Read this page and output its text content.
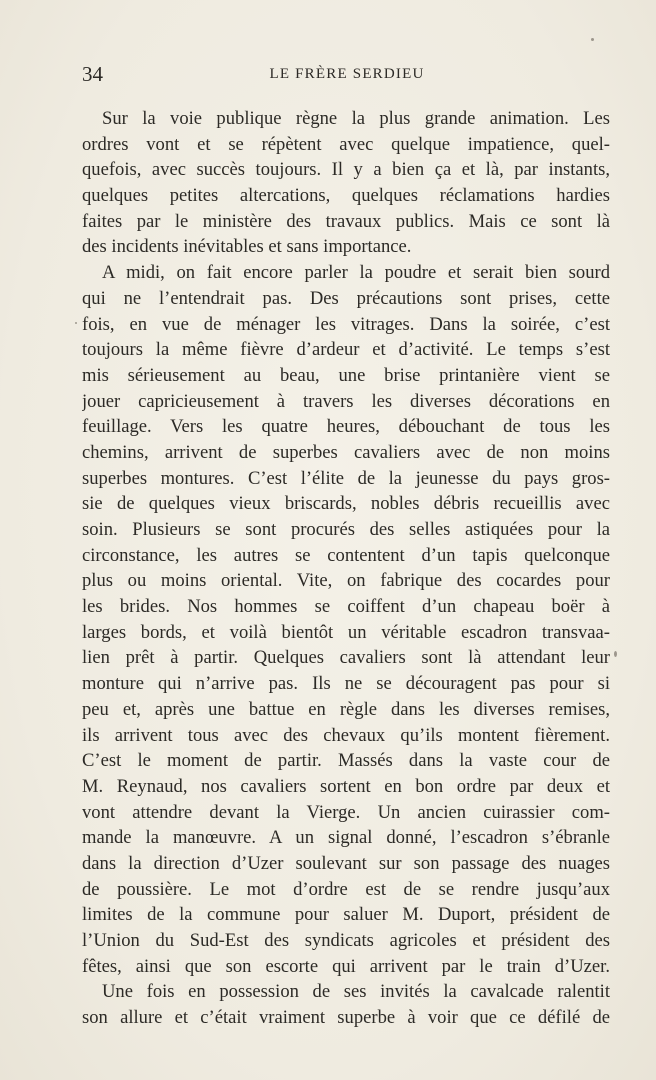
34	LE FRÈRE SERDIEU
Sur la voie publique règne la plus grande animation. Les
ordres vont et se répètent avec quelque impatience, quel-
quefois, avec succès toujours. Il y a bien ça et là, par instants,
quelques petites altercations, quelques réclamations hardies
faites par le ministère des travaux publics. Mais ce sont là
des incidents inévitables et sans importance.
A midi, on fait encore parler la poudre et serait bien sourd
qui ne l’entendrait pas. Des précautions sont prises, cette
fois, en vue de ménager les vitrages. Dans la soirée, c’est
toujours la même fièvre d’ardeur et d’activité. Le temps s’est
mis sérieusement au beau, une brise printanière vient se
jouer capricieusement à travers les diverses décorations en
feuillage. Vers les quatre heures, débouchant de tous les
chemins, arrivent de superbes cavaliers avec de non moins
superbes montures. C’est l’élite de la jeunesse du pays gros-
sie de quelques vieux briscards, nobles débris recueillis avec
soin. Plusieurs se sont procurés des selles astiquées pour la
circonstance, les autres se contentent d’un tapis quelconque
plus ou moins oriental. Vite, on fabrique des cocardes pour
les brides. Nos hommes se coiffent d’un chapeau boër à
larges bords, et voilà bientôt un véritable escadron transvaa-
lien prêt à partir. Quelques cavaliers sont là attendant leur
monture qui n’arrive pas. Ils ne se découragent pas pour si
peu et, après une battue en règle dans les diverses remises,
ils arrivent tous avec des chevaux qu’ils montent fièrement.
C’est le moment de partir. Massés dans la vaste cour de
M. Reynaud, nos cavaliers sortent en bon ordre par deux et
vont attendre devant la Vierge. Un ancien cuirassier com-
mande la manœuvre. A un signal donné, l’escadron s’ébranle
dans la direction d’Uzer soulevant sur son passage des nuages
de poussière. Le mot d’ordre est de se rendre jusqu’aux
limites de la commune pour saluer M. Duport, président de
l’Union du Sud-Est des syndicats agricoles et président des
fêtes, ainsi que son escorte qui arrivent par le train d’Uzer.
Une fois en possession de ses invités la cavalcade ralentit
son allure et c’était vraiment superbe à voir que ce défilé de
